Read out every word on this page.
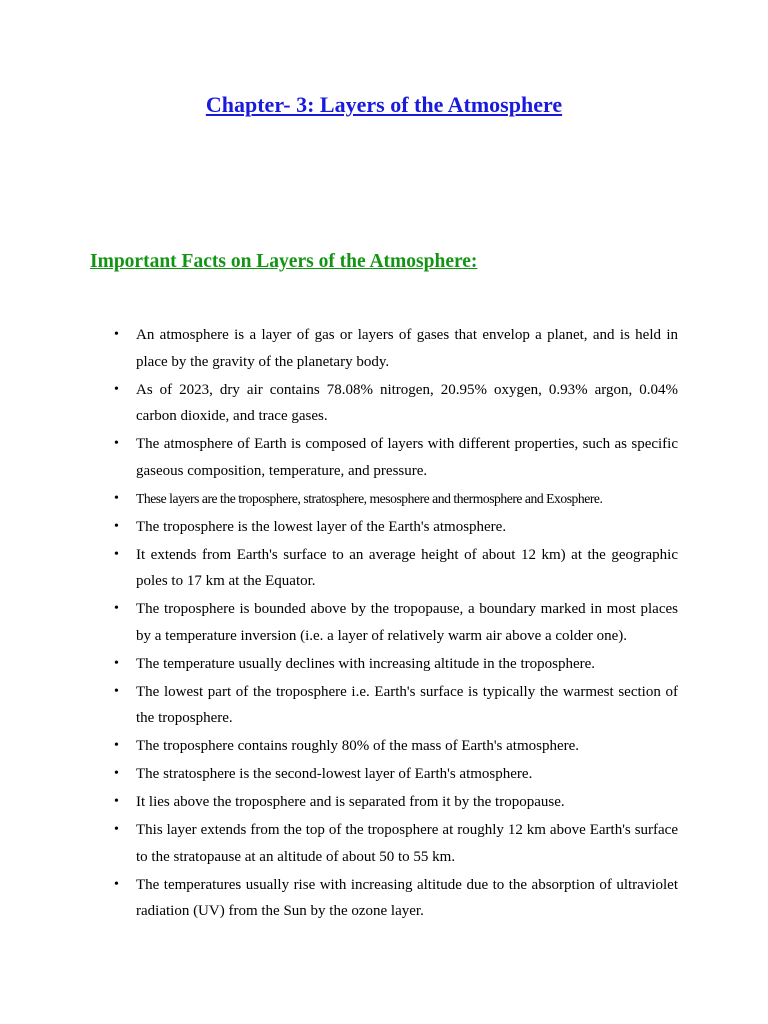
Chapter- 3: Layers of the Atmosphere
Important Facts on Layers of the Atmosphere:
• An atmosphere is a layer of gas or layers of gases that envelop a planet, and is held in place by the gravity of the planetary body.
• As of 2023, dry air contains 78.08% nitrogen, 20.95% oxygen, 0.93% argon, 0.04% carbon dioxide, and trace gases.
• The atmosphere of Earth is composed of layers with different properties, such as specific gaseous composition, temperature, and pressure.
• These layers are the troposphere, stratosphere, mesosphere and thermosphere and Exosphere.
• The troposphere is the lowest layer of the Earth's atmosphere.
• It extends from Earth's surface to an average height of about 12 km) at the geographic poles to 17 km at the Equator.
• The troposphere is bounded above by the tropopause, a boundary marked in most places by a temperature inversion (i.e. a layer of relatively warm air above a colder one).
• The temperature usually declines with increasing altitude in the troposphere.
• The lowest part of the troposphere i.e. Earth's surface is typically the warmest section of the troposphere.
• The troposphere contains roughly 80% of the mass of Earth's atmosphere.
• The stratosphere is the second-lowest layer of Earth's atmosphere.
• It lies above the troposphere and is separated from it by the tropopause.
• This layer extends from the top of the troposphere at roughly 12 km above Earth's surface to the stratopause at an altitude of about 50 to 55 km.
• The temperatures usually rise with increasing altitude due to the absorption of ultraviolet radiation (UV) from the Sun by the ozone layer.
